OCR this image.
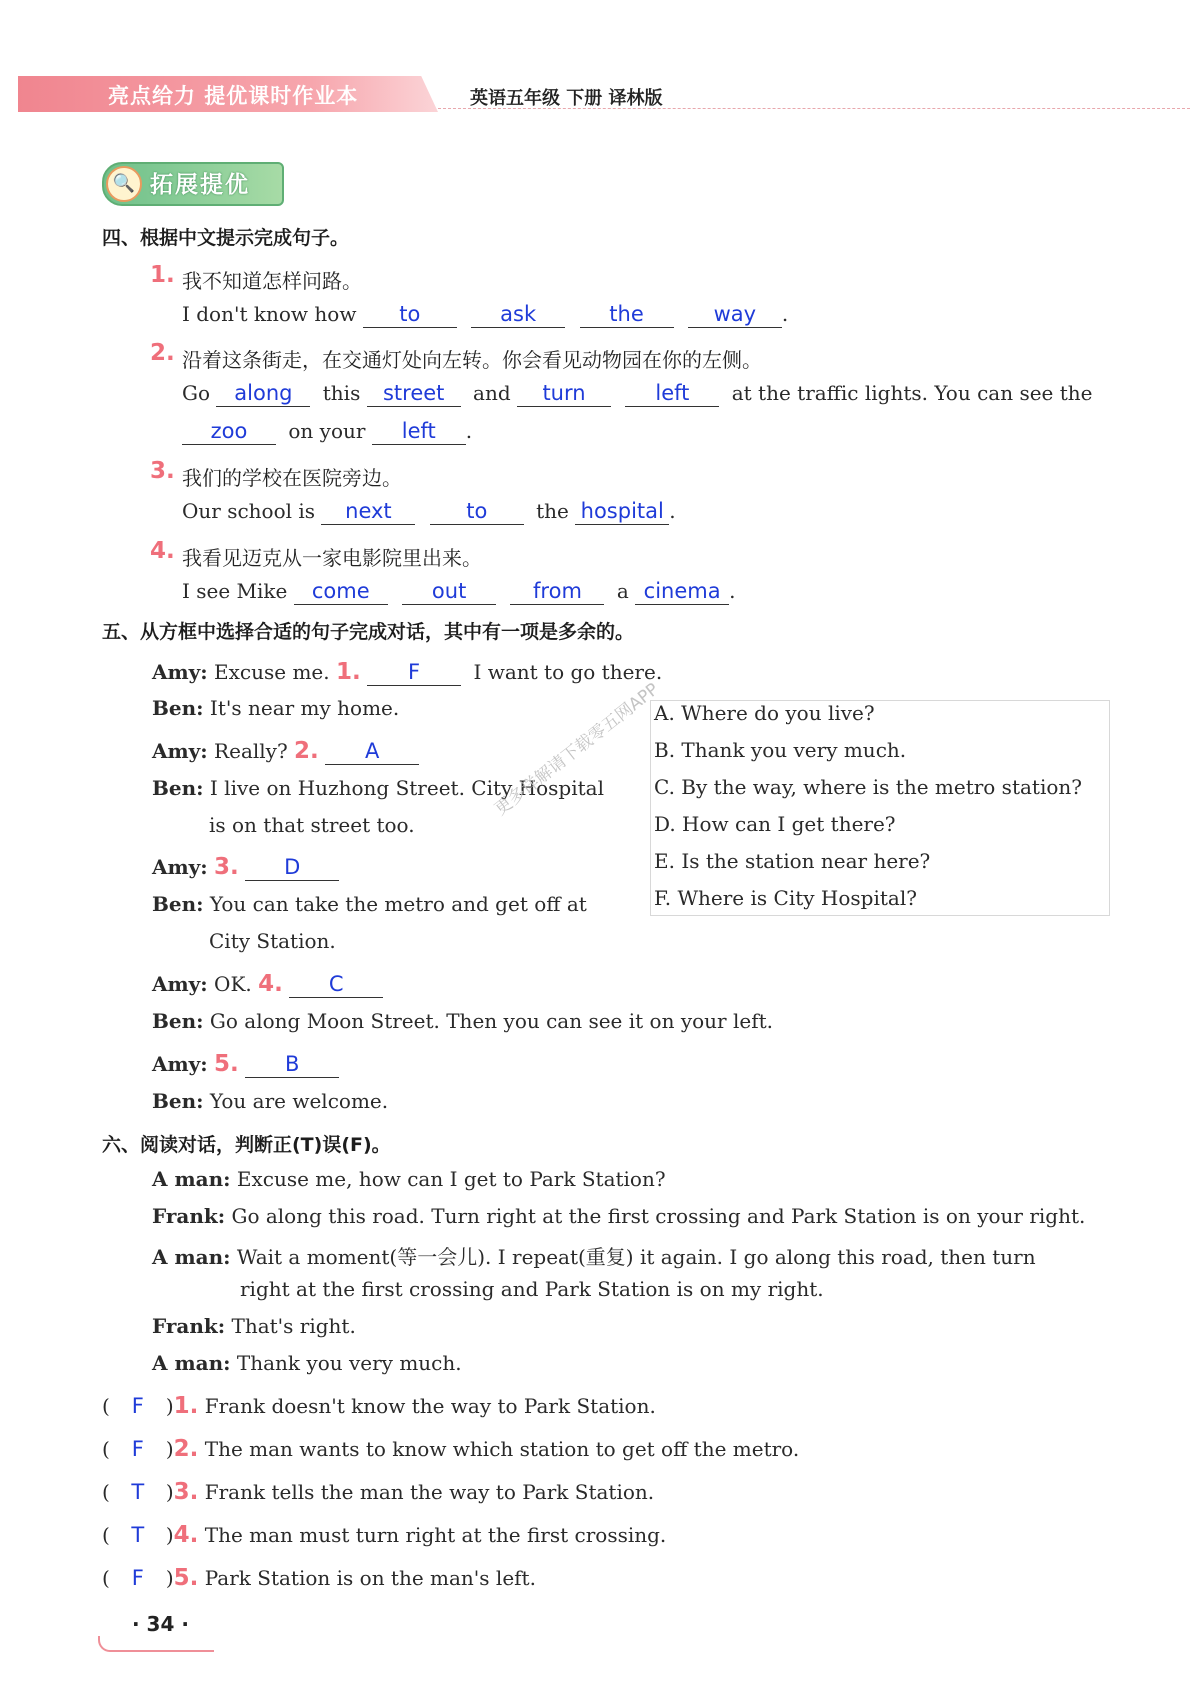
亮点给力 提优课时作业本	英语五年级 下册 译林版
🔍 拓展提优
四、根据中文提示完成句子。
1. 我不知道怎样问路。
I don't know how to	ask	the	way .
2. 沿着这条街走，在交通灯处向左转。你会看见动物园在你的左侧。
Go along this street and turn	left at the traffic lights. You can see the
zoo on your left .
3. 我们的学校在医院旁边。
Our school is next	to the hospital .
4. 我看见迈克从一家电影院里出来。
I see Mike come	out	from a cinema .
五、从方框中选择合适的句子完成对话，其中有一项是多余的。
Amy: Excuse me. 1. F	I want to go there.
Ben: It's near my home.
Amy: Really? 2. A
Ben: I live on Huzhong Street. City Hospital
is on that street too.
Amy: 3. D
Ben: You can take the metro and get off at
City Station.
Amy: OK. 4. C
Ben: Go along Moon Street. Then you can see it on your left.
Amy: 5. B
Ben: You are welcome.
A. Where do you live?
B. Thank you very much.
C. By the way, where is the metro station?
D. How can I get there?
E. Is the station near here?
F. Where is City Hospital?
更多详解请下载零五网APP
六、阅读对话，判断正(T)误(F)。
A man: Excuse me, how can I get to Park Station?
Frank: Go along this road. Turn right at the first crossing and Park Station is on your right.
A man: Wait a moment(等一会儿). I repeat(重复) it again. I go along this road, then turn
right at the first crossing and Park Station is on my right.
Frank: That's right.
A man: Thank you very much.
( F )1. Frank doesn't know the way to Park Station.
( F )2. The man wants to know which station to get off the metro.
( T )3. Frank tells the man the way to Park Station.
( T )4. The man must turn right at the first crossing.
( F )5. Park Station is on the man's left.
· 34 ·
